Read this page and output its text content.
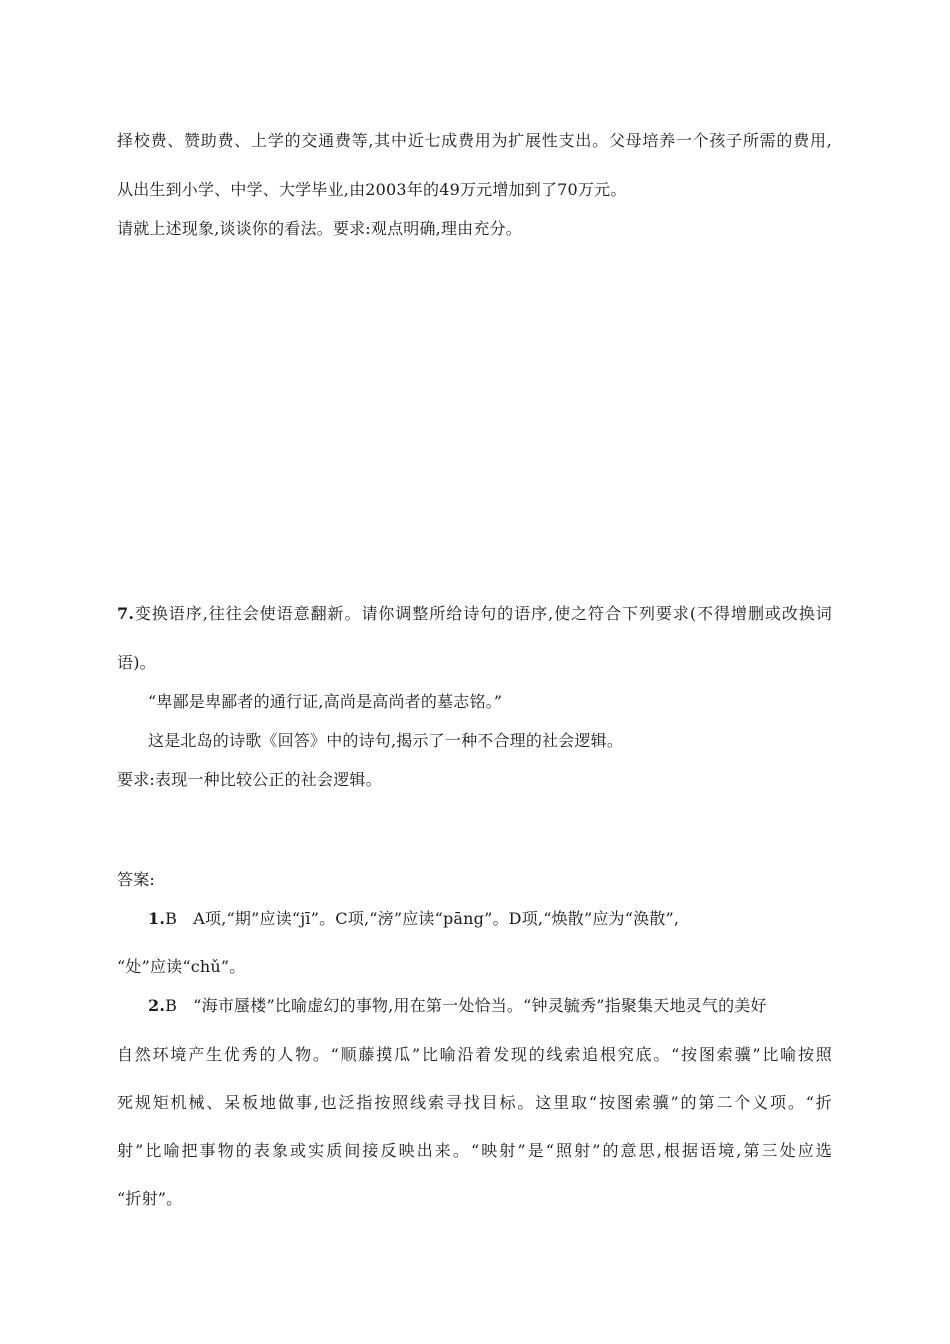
择校费、赞助费、上学的交通费等,其中近七成费用为扩展性支出。父母培养一个孩子所需的费用,
从出生到小学、中学、大学毕业,由2003年的49万元增加到了70万元。
请就上述现象,谈谈你的看法。要求:观点明确,理由充分。
7.变换语序,往往会使语意翻新。请你调整所给诗句的语序,使之符合下列要求(不得增删或改换词
语)。
“卑鄙是卑鄙者的通行证,高尚是高尚者的墓志铭。”
这是北岛的诗歌《回答》中的诗句,揭示了一种不合理的社会逻辑。
要求:表现一种比较公正的社会逻辑。
答案:
1.B　A项,“期”应读“jī”。C项,“滂”应读“pāng”。D项,“焕散”应为“涣散”,
“处”应读“chǔ”。
2.B　“海市蜃楼”比喻虚幻的事物,用在第一处恰当。“钟灵毓秀”指聚集天地灵气的美好
自然环境产生优秀的人物。“顺藤摸瓜”比喻沿着发现的线索追根究底。“按图索骥”比喻按照
死规矩机械、呆板地做事,也泛指按照线索寻找目标。这里取“按图索骥”的第二个义项。“折
射”比喻把事物的表象或实质间接反映出来。“映射”是“照射”的意思,根据语境,第三处应选
“折射”。
